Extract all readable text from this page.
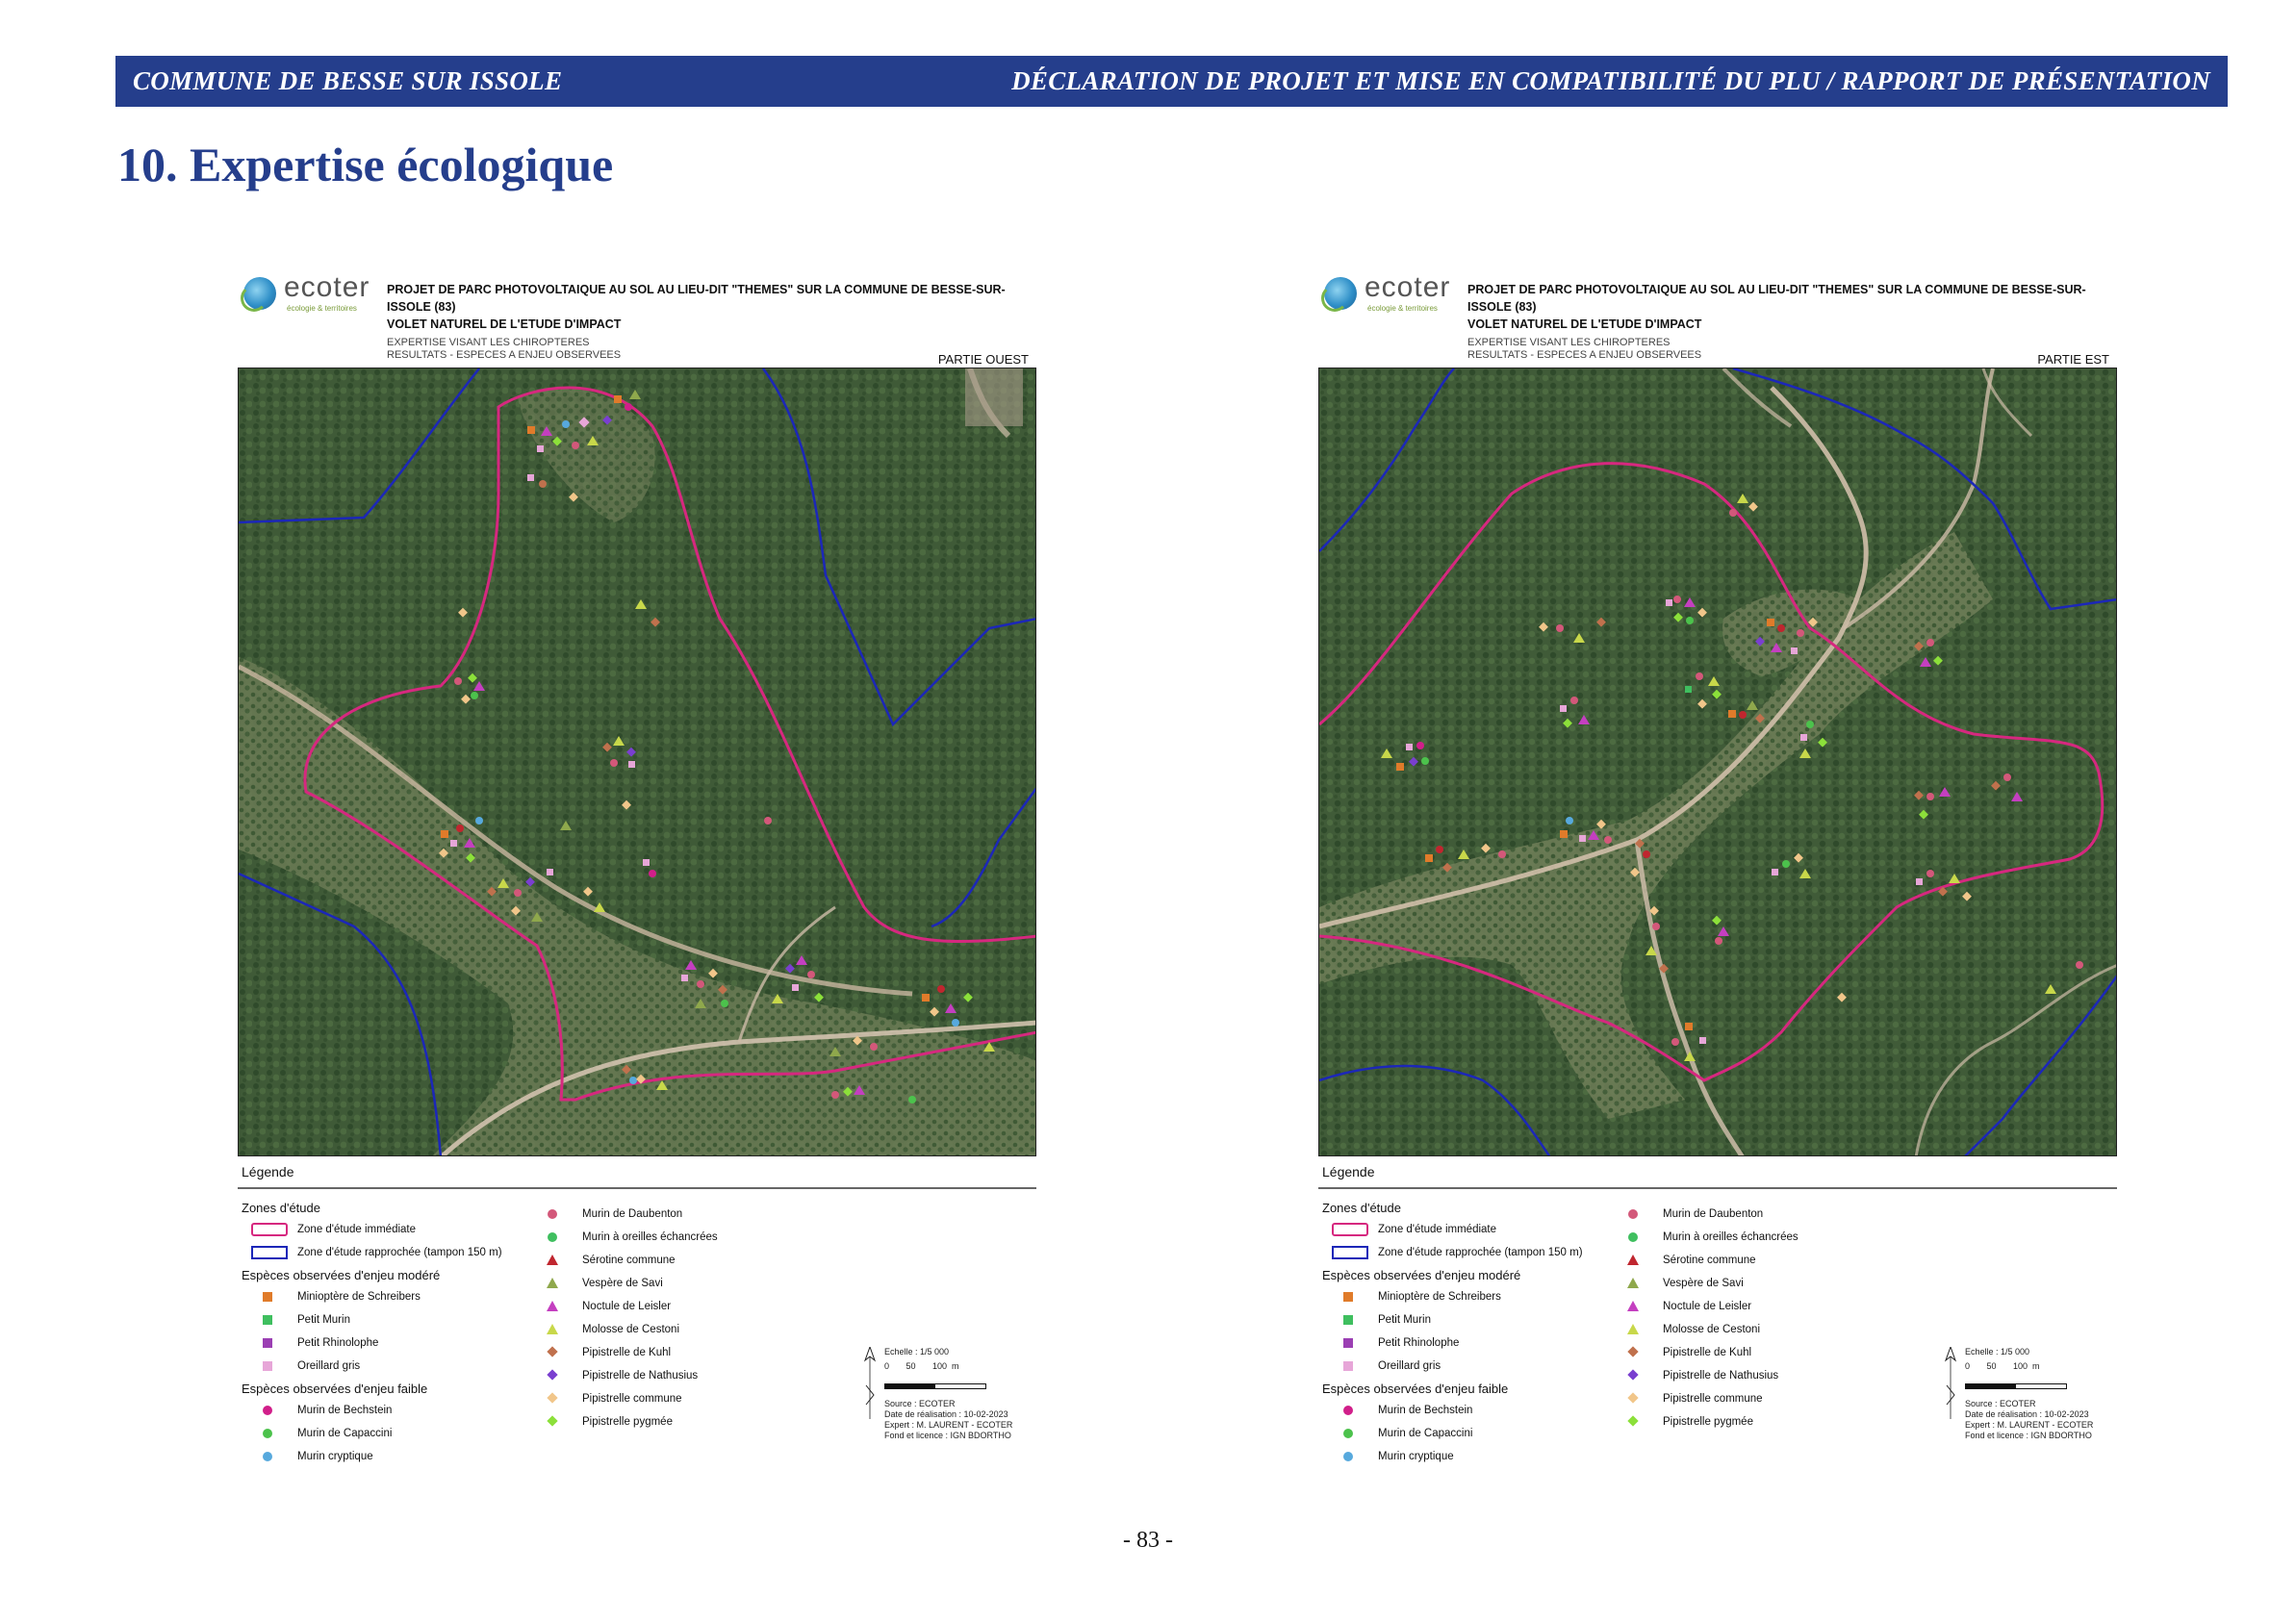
COMMUNE DE BESSE SUR ISSOLE	DÉCLARATION DE PROJET ET MISE EN COMPATIBILITÉ DU PLU / RAPPORT DE PRÉSENTATION
10. Expertise écologique
ecoter
écologie & territoires
PROJET DE PARC PHOTOVOLTAIQUE AU SOL AU LIEU-DIT "THEMES" SUR LA COMMUNE DE BESSE-SUR-
ISSOLE (83)
VOLET NATUREL DE L'ETUDE D'IMPACT
EXPERTISE VISANT LES CHIROPTERES
RESULTATS - ESPECES A ENJEU OBSERVEES	PARTIE OUEST
Légende
Zones d'étude
Zone d'étude immédiate
Zone d'étude rapprochée (tampon 150 m)
Espèces observées d'enjeu modéré
Minioptère de Schreibers
Petit Murin
Petit Rhinolophe
Oreillard gris
Espèces observées d'enjeu faible
Murin de Bechstein
Murin de Capaccini
Murin cryptique
Murin de Daubenton
Murin à oreilles échancrées
Sérotine commune
Vespère de Savi
Noctule de Leisler
Molosse de Cestoni
Pipistrelle de Kuhl
Pipistrelle de Nathusius
Pipistrelle commune
Pipistrelle pygmée
Echelle : 1/5 000
0       50       100  m
Source : ECOTER
Date de réalisation : 10-02-2023
Expert : M. LAURENT - ECOTER
Fond et licence : IGN BDORTHO
ecoter
écologie & territoires
PROJET DE PARC PHOTOVOLTAIQUE AU SOL AU LIEU-DIT "THEMES" SUR LA COMMUNE DE BESSE-SUR-
ISSOLE (83)
VOLET NATUREL DE L'ETUDE D'IMPACT
EXPERTISE VISANT LES CHIROPTERES
RESULTATS - ESPECES A ENJEU OBSERVEES	PARTIE EST
Légende
Zones d'étude
Zone d'étude immédiate
Zone d'étude rapprochée (tampon 150 m)
Espèces observées d'enjeu modéré
Minioptère de Schreibers
Petit Murin
Petit Rhinolophe
Oreillard gris
Espèces observées d'enjeu faible
Murin de Bechstein
Murin de Capaccini
Murin cryptique
Murin de Daubenton
Murin à oreilles échancrées
Sérotine commune
Vespère de Savi
Noctule de Leisler
Molosse de Cestoni
Pipistrelle de Kuhl
Pipistrelle de Nathusius
Pipistrelle commune
Pipistrelle pygmée
Echelle : 1/5 000
0       50       100  m
Source : ECOTER
Date de réalisation : 10-02-2023
Expert : M. LAURENT - ECOTER
Fond et licence : IGN BDORTHO
- 83 -
